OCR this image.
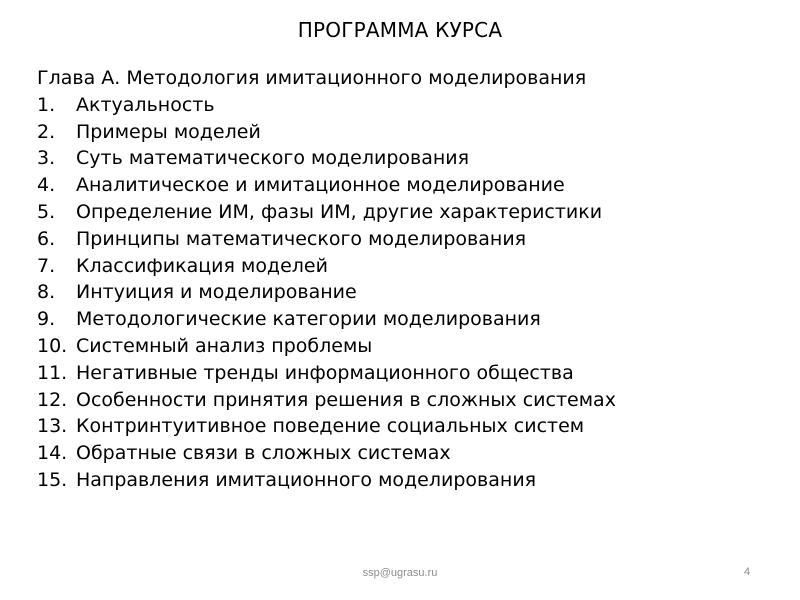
ПРОГРАММА КУРСА
Глава А. Методология имитационного моделирования
1.	Актуальность
2.	Примеры моделей
3.	Суть математического моделирования
4.	Аналитическое и имитационное моделирование
5.	Определение ИМ, фазы ИМ, другие характеристики
6.	Принципы математического моделирования
7.	Классификация моделей
8.	Интуиция и моделирование
9.	Методологические категории моделирования
10. Системный анализ проблемы
11. Негативные тренды информационного общества
12. Особенности принятия решения в сложных системах
13. Контринтуитивное поведение социальных систем
14. Обратные связи в сложных системах
15. Направления имитационного моделирования
ssp@ugrasu.ru	4
